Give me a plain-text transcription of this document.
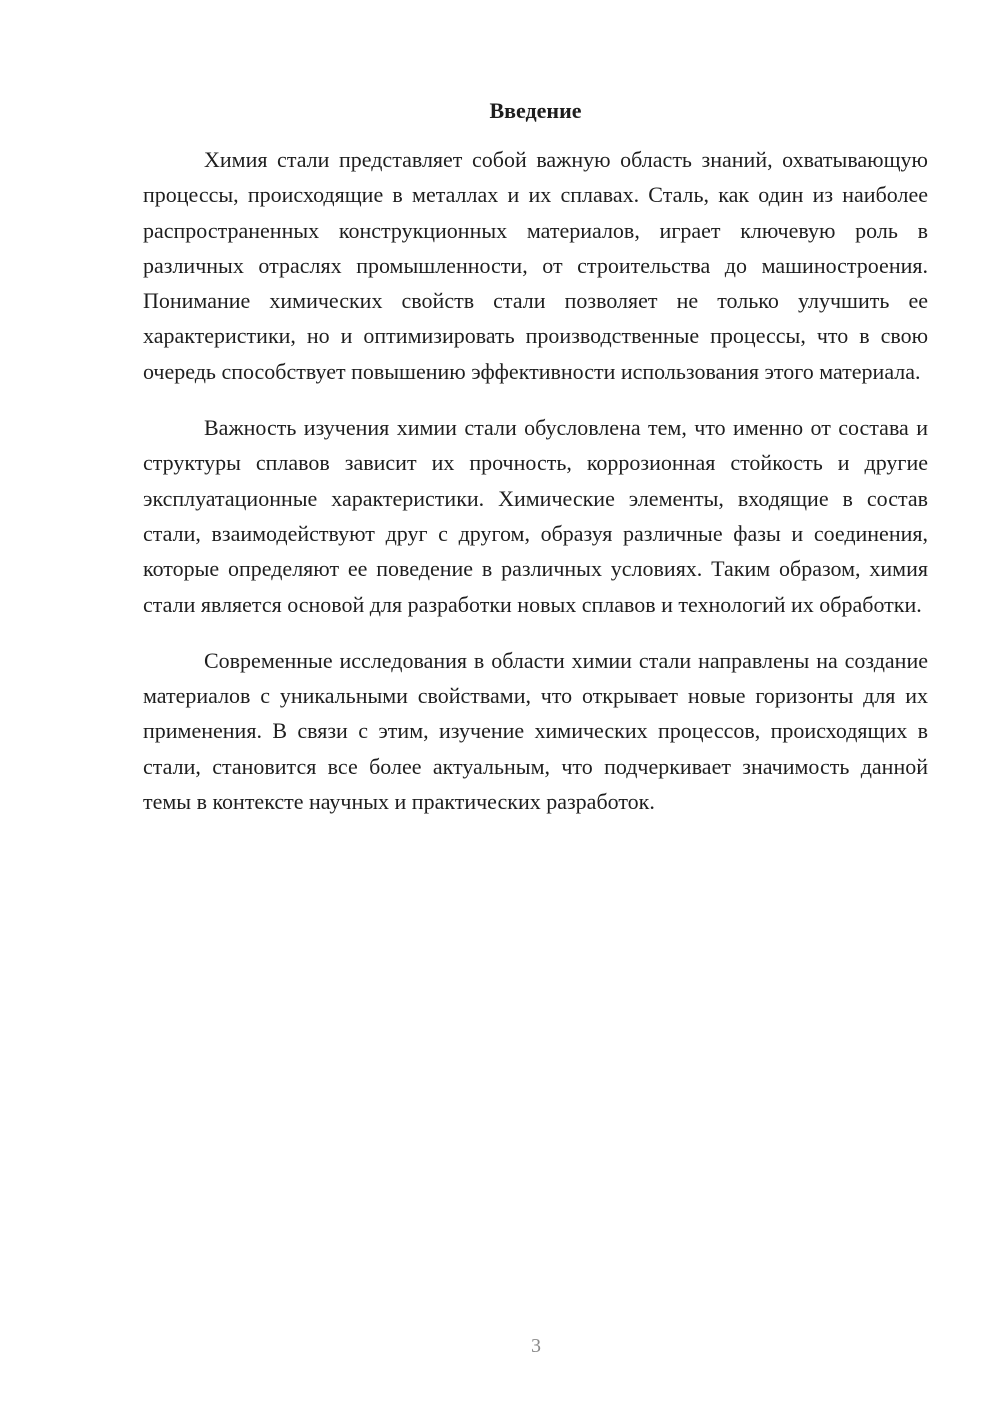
Введение

Химия стали представляет собой важную область знаний, охватывающую процессы, происходящие в металлах и их сплавах. Сталь, как один из наиболее распространенных конструкционных материалов, играет ключевую роль в различных отраслях промышленности, от строительства до машиностроения. Понимание химических свойств стали позволяет не только улучшить ее характеристики, но и оптимизировать производственные процессы, что в свою очередь способствует повышению эффективности использования этого материала.

Важность изучения химии стали обусловлена тем, что именно от состава и структуры сплавов зависит их прочность, коррозионная стойкость и другие эксплуатационные характеристики. Химические элементы, входящие в состав стали, взаимодействуют друг с другом, образуя различные фазы и соединения, которые определяют ее поведение в различных условиях. Таким образом, химия стали является основой для разработки новых сплавов и технологий их обработки.

Современные исследования в области химии стали направлены на создание материалов с уникальными свойствами, что открывает новые горизонты для их применения. В связи с этим, изучение химических процессов, происходящих в стали, становится все более актуальным, что подчеркивает значимость данной темы в контексте научных и практических разработок.

3
